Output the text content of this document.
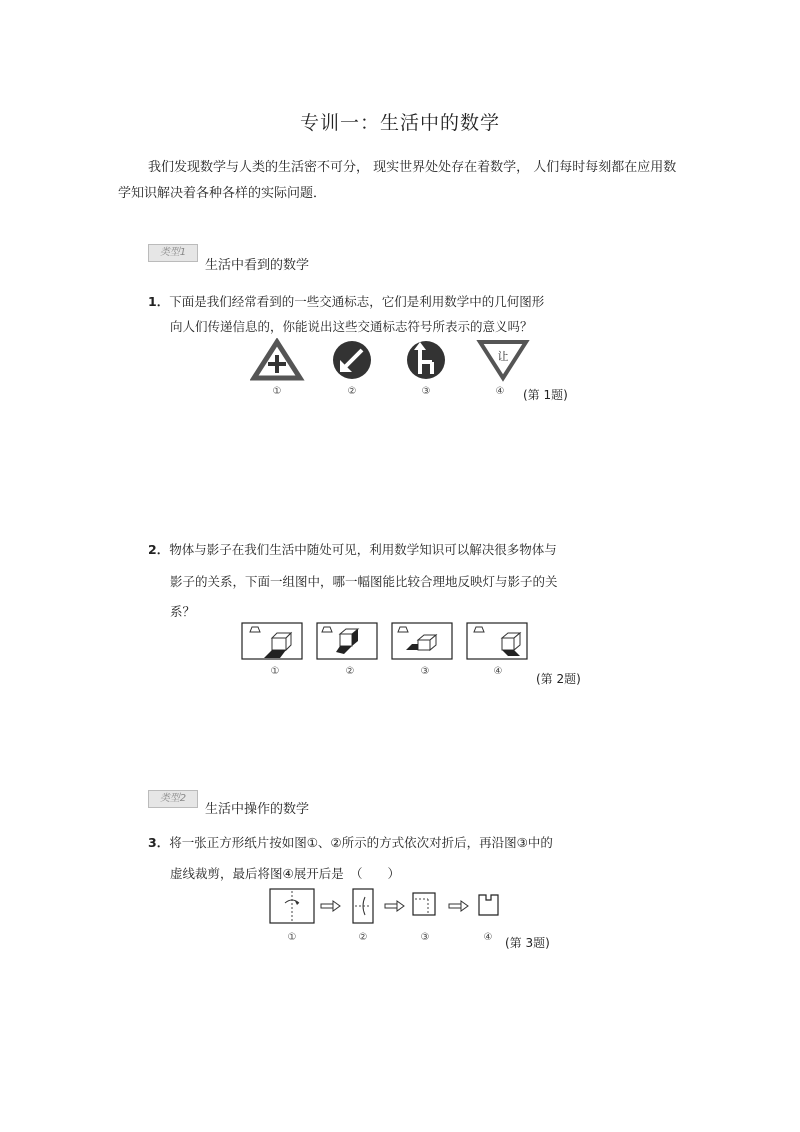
专训一：生活中的数学
我们发现数学与人类的生活密不可分， 现实世界处处存在着数学， 人们每时每刻都在应用数学知识解决着各种各样的实际问题．
类型1
生活中看到的数学
1．下面是我们经常看到的一些交通标志，它们是利用数学中的几何图形
向人们传递信息的，你能说出这些交通标志符号所表示的意义吗？
让
①	②	③	④ (第 1题)
2．物体与影子在我们生活中随处可见，利用数学知识可以解决很多物体与
影子的关系，下面一组图中，哪一幅图能比较合理地反映灯与影子的关
系？
①	②	③	④
(第 2题)
类型2
生活中操作的数学
3．将一张正方形纸片按如图①、②所示的方式依次对折后，再沿图③中的
虚线裁剪，最后将图④展开后是　（　　）
①	②	③	④ (第 3题)
